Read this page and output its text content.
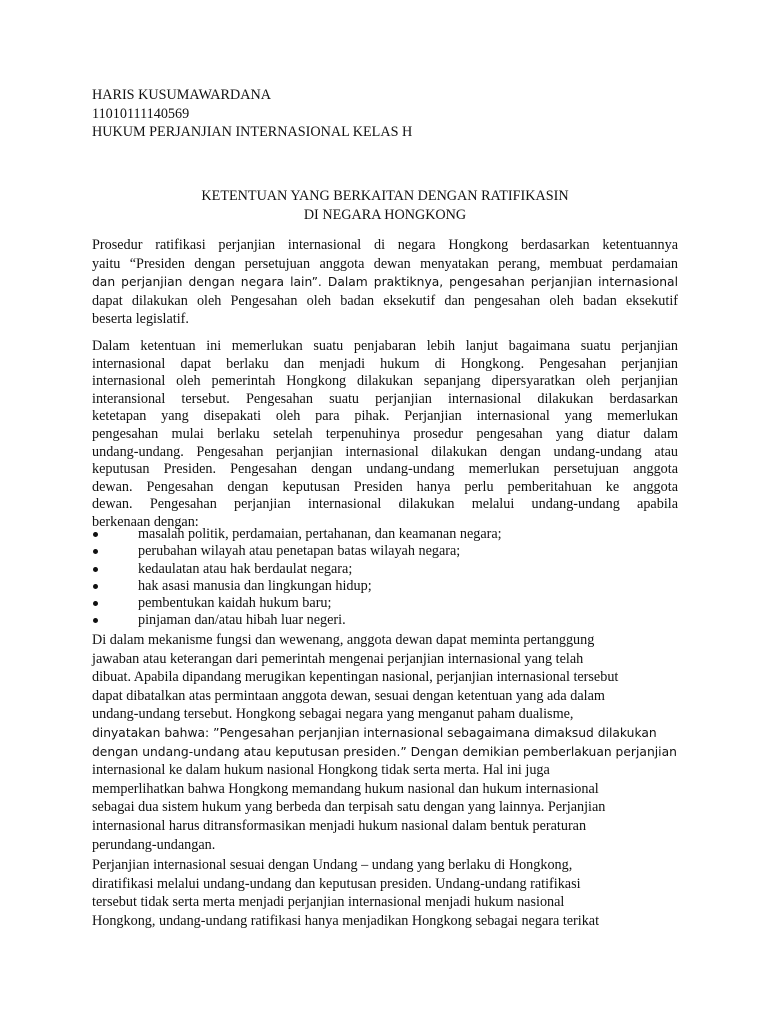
HARIS KUSUMAWARDANA
11010111140569
HUKUM PERJANJIAN INTERNASIONAL KELAS H
KETENTUAN YANG BERKAITAN DENGAN RATIFIKASIN
DI NEGARA HONGKONG
Prosedur ratifikasi perjanjian internasional di negara Hongkong berdasarkan ketentuannya
yaitu “Presiden dengan persetujuan anggota dewan menyatakan perang, membuat perdamaian
dan perjanjian dengan negara lain”. Dalam praktiknya, pengesahan perjanjian internasional
dapat dilakukan oleh Pengesahan oleh badan eksekutif dan pengesahan oleh badan eksekutif
beserta legislatif.
Dalam ketentuan ini memerlukan suatu penjabaran lebih lanjut bagaimana suatu perjanjian
internasional dapat berlaku dan menjadi hukum di Hongkong. Pengesahan perjanjian
internasional oleh pemerintah Hongkong dilakukan sepanjang dipersyaratkan oleh perjanjian
interansional tersebut. Pengesahan suatu perjanjian internasional dilakukan berdasarkan
ketetapan yang disepakati oleh para pihak. Perjanjian internasional yang memerlukan
pengesahan mulai berlaku setelah terpenuhinya prosedur pengesahan yang diatur dalam
undang-undang. Pengesahan perjanjian internasional dilakukan dengan undang-undang atau
keputusan Presiden. Pengesahan dengan undang-undang memerlukan persetujuan anggota
dewan. Pengesahan dengan keputusan Presiden hanya perlu pemberitahuan ke anggota
dewan. Pengesahan perjanjian internasional dilakukan melalui undang-undang apabila
berkenaan dengan:
masalah politik, perdamaian, pertahanan, dan keamanan negara;
perubahan wilayah atau penetapan batas wilayah negara;
kedaulatan atau hak berdaulat negara;
hak asasi manusia dan lingkungan hidup;
pembentukan kaidah hukum baru;
pinjaman dan/atau hibah luar negeri.
Di dalam mekanisme fungsi dan wewenang, anggota dewan dapat meminta pertanggung
jawaban atau keterangan dari pemerintah mengenai perjanjian internasional yang telah
dibuat. Apabila dipandang merugikan kepentingan nasional, perjanjian internasional tersebut
dapat dibatalkan atas permintaan anggota dewan, sesuai dengan ketentuan yang ada dalam
undang-undang tersebut. Hongkong sebagai negara yang menganut paham dualisme,
dinyatakan bahwa: ”Pengesahan perjanjian internasional sebagaimana dimaksud dilakukan
dengan undang-undang atau keputusan presiden.” Dengan demikian pemberlakuan perjanjian
internasional ke dalam hukum nasional Hongkong tidak serta merta. Hal ini juga
memperlihatkan bahwa Hongkong memandang hukum nasional dan hukum internasional
sebagai dua sistem hukum yang berbeda dan terpisah satu dengan yang lainnya. Perjanjian
internasional harus ditransformasikan menjadi hukum nasional dalam bentuk peraturan
perundang-undangan.
Perjanjian internasional sesuai dengan Undang – undang yang berlaku di Hongkong,
diratifikasi melalui undang-undang dan keputusan presiden. Undang-undang ratifikasi
tersebut tidak serta merta menjadi perjanjian internasional menjadi hukum nasional
Hongkong, undang-undang ratifikasi hanya menjadikan Hongkong sebagai negara terikat
